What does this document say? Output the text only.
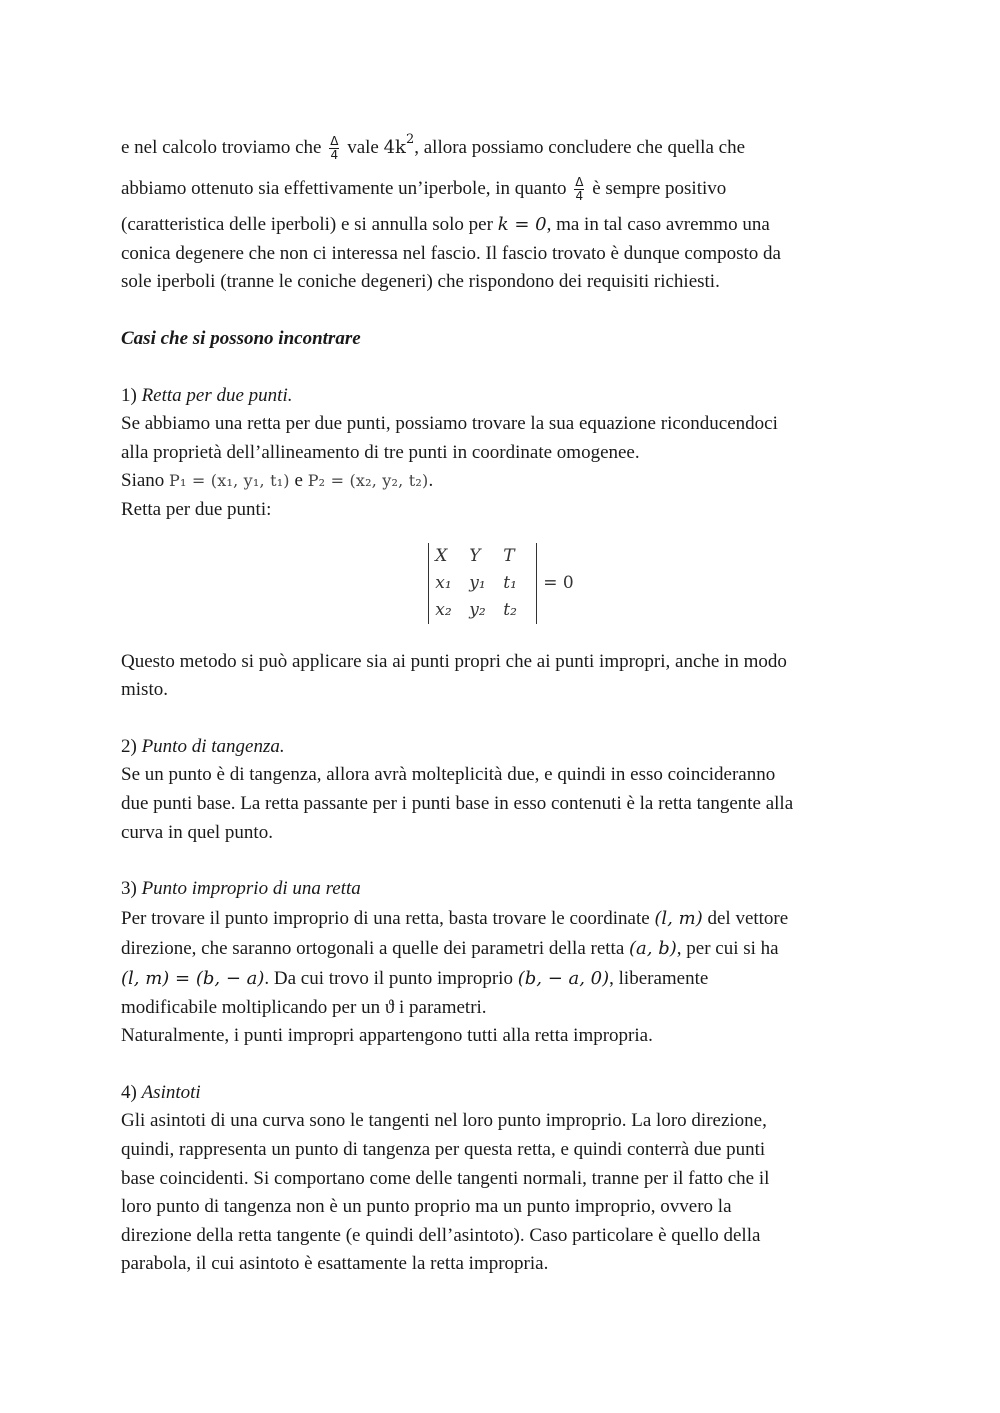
e nel calcolo troviamo che $\frac{\Delta}{4}$ vale $4k^2$, allora possiamo concludere che quella che

abbiamo ottenuto sia effettivamente un’iperbole, in quanto $\frac{\Delta}{4}$ è sempre positivo

(caratteristica delle iperboli) e si annulla solo per k = 0, ma in tal caso avremmo una

conica degenere che non ci interessa nel fascio. Il fascio trovato è dunque composto da

sole iperboli (tranne le coniche degeneri) che rispondono dei requisiti richiesti.

Casi che si possono incontrare

1) Retta per due punti.

Se abbiamo una retta per due punti, possiamo trovare la sua equazione riconducendoci

alla proprietà dell’allineamento di tre punti in coordinate omogenee.

Siano P₁ = (x₁, y₁, t₁) e P₂ = (x₂, y₂, t₂).

Retta per due punti:

X	Y	T
x₁	y₁	t₁
x₂	y₂	t₂
= 0

Questo metodo si può applicare sia ai punti propri che ai punti impropri, anche in modo

misto.

2) Punto di tangenza.

Se un punto è di tangenza, allora avrà molteplicità due, e quindi in esso coincideranno

due punti base. La retta passante per i punti base in esso contenuti è la retta tangente alla

curva in quel punto.

3) Punto improprio di una retta

Per trovare il punto improprio di una retta, basta trovare le coordinate (l, m) del vettore

direzione, che saranno ortogonali a quelle dei parametri della retta (a, b), per cui si ha

(l, m) = (b, − a). Da cui trovo il punto improprio (b, − a, 0), liberamente

modificabile moltiplicando per un ϑ i parametri.

Naturalmente, i punti impropri appartengono tutti alla retta impropria.

4) Asintoti

Gli asintoti di una curva sono le tangenti nel loro punto improprio. La loro direzione,

quindi, rappresenta un punto di tangenza per questa retta, e quindi conterrà due punti

base coincidenti. Si comportano come delle tangenti normali, tranne per il fatto che il

loro punto di tangenza non è un punto proprio ma un punto improprio, ovvero la

direzione della retta tangente (e quindi dell’asintoto). Caso particolare è quello della

parabola, il cui asintoto è esattamente la retta impropria.
